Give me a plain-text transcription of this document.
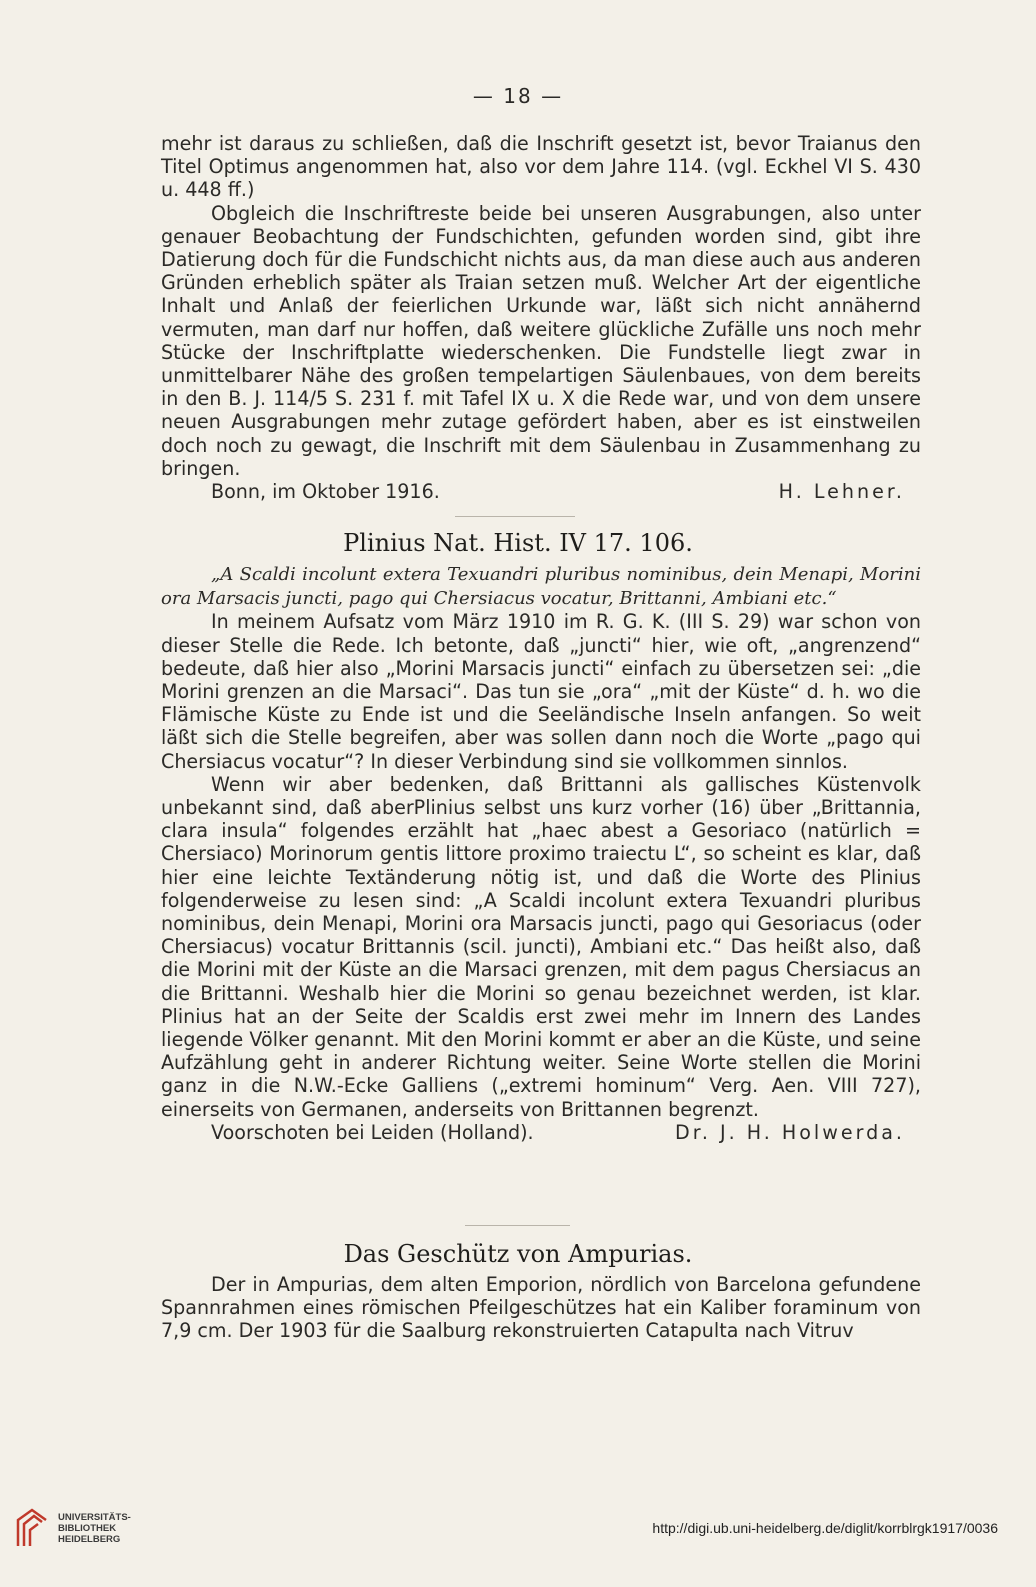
— 18 —

mehr ist daraus zu schließen, daß die Inschrift gesetzt ist, bevor Traianus den Titel Optimus angenommen hat, also vor dem Jahre 114. (vgl. Eckhel VI S. 430 u. 448 ff.)

Obgleich die Inschriftreste beide bei unseren Ausgrabungen, also unter genauer Beobachtung der Fundschichten, gefunden worden sind, gibt ihre Datierung doch für die Fundschicht nichts aus, da man diese auch aus anderen Gründen erheblich später als Traian setzen muß. Welcher Art der eigentliche Inhalt und Anlaß der feierlichen Urkunde war, läßt sich nicht annähernd vermuten, man darf nur hoffen, daß weitere glückliche Zufälle uns noch mehr Stücke der Inschriftplatte wiederschenken. Die Fundstelle liegt zwar in unmittelbarer Nähe des großen tempelartigen Säulenbaues, von dem bereits in den B. J. 114/5 S. 231 f. mit Tafel IX u. X die Rede war, und von dem unsere neuen Ausgrabungen mehr zutage gefördert haben, aber es ist einstweilen doch noch zu gewagt, die Inschrift mit dem Säulenbau in Zusammenhang zu bringen.

Bonn, im Oktober 1916.	H. Lehner.
Plinius Nat. Hist. IV 17. 106.

„A Scaldi incolunt extera Texuandri pluribus nominibus, dein Menapi, Morini ora Marsacis juncti, pago qui Chersiacus vocatur, Brittanni, Ambiani etc.“

In meinem Aufsatz vom März 1910 im R. G. K. (III S. 29) war schon von dieser Stelle die Rede. Ich betonte, daß „juncti“ hier, wie oft, „angrenzend“ bedeute, daß hier also „Morini Marsacis juncti“ einfach zu übersetzen sei: „die Morini grenzen an die Marsaci“. Das tun sie „ora“ „mit der Küste“ d. h. wo die Flämische Küste zu Ende ist und die Seeländische Inseln anfangen. So weit läßt sich die Stelle begreifen, aber was sollen dann noch die Worte „pago qui Chersiacus vocatur“? In dieser Verbindung sind sie vollkommen sinnlos.

Wenn wir aber bedenken, daß Brittanni als gallisches Küstenvolk unbekannt sind, daß aberPlinius selbst uns kurz vorher (16) über „Brittannia, clara insula“ folgendes erzählt hat „haec abest a Gesoriaco (natürlich = Chersiaco) Morinorum gentis littore proximo traiectu L“, so scheint es klar, daß hier eine leichte Textänderung nötig ist, und daß die Worte des Plinius folgenderweise zu lesen sind: „A Scaldi incolunt extera Texuandri pluribus nominibus, dein Menapi, Morini ora Marsacis juncti, pago qui Gesoriacus (oder Chersiacus) vocatur Brittannis (scil. juncti), Ambiani etc.“ Das heißt also, daß die Morini mit der Küste an die Marsaci grenzen, mit dem pagus Chersiacus an die Brittanni. Weshalb hier die Morini so genau bezeichnet werden, ist klar. Plinius hat an der Seite der Scaldis erst zwei mehr im Innern des Landes liegende Völker genannt. Mit den Morini kommt er aber an die Küste, und seine Aufzählung geht in anderer Richtung weiter. Seine Worte stellen die Morini ganz in die N.W.-Ecke Galliens („extremi hominum“ Verg. Aen. VIII 727), einerseits von Germanen, anderseits von Brittannen begrenzt.

Voorschoten bei Leiden (Holland).	Dr. J. H. Holwerda.
Das Geschütz von Ampurias.

Der in Ampurias, dem alten Emporion, nördlich von Barcelona gefundene Spannrahmen eines römischen Pfeilgeschützes hat ein Kaliber foraminum von 7,9 cm. Der 1903 für die Saalburg rekonstruierten Catapulta nach Vitruv

UNIVERSITÄTS-
BIBLIOTHEK
HEIDELBERG
http://digi.ub.uni-heidelberg.de/diglit/korrblrgk1917/0036
